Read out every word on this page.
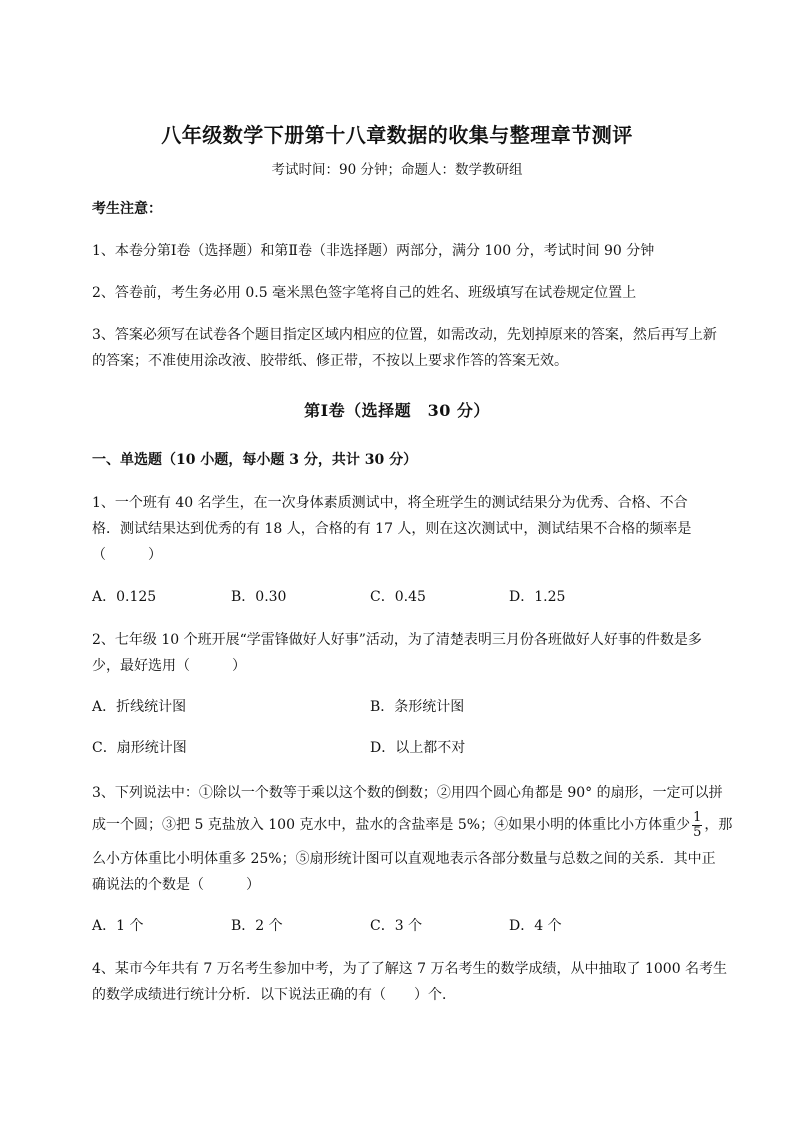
八年级数学下册第十八章数据的收集与整理章节测评
考试时间：90 分钟；命题人：数学教研组
考生注意：
1、本卷分第Ⅰ卷（选择题）和第Ⅱ卷（非选择题）两部分，满分 100 分，考试时间 90 分钟
2、答卷前，考生务必用 0.5 毫米黑色签字笔将自己的姓名、班级填写在试卷规定位置上
3、答案必须写在试卷各个题目指定区域内相应的位置，如需改动，先划掉原来的答案，然后再写上新
的答案；不准使用涂改液、胶带纸、修正带，不按以上要求作答的答案无效。
第Ⅰ卷（选择题　30 分）
一、单选题（10 小题，每小题 3 分，共计 30 分）
1、一个班有 40 名学生，在一次身体素质测试中，将全班学生的测试结果分为优秀、合格、不合
格．测试结果达到优秀的有 18 人，合格的有 17 人，则在这次测试中，测试结果不合格的频率是
（　　　）
A．0.125	B．0.30	C．0.45	D．1.25
2、七年级 10 个班开展“学雷锋做好人好事”活动，为了清楚表明三月份各班做好人好事的件数是多
少，最好选用（　　　）
A．折线统计图	B．条形统计图
C．扇形统计图	D．以上都不对
3、下列说法中：①除以一个数等于乘以这个数的倒数；②用四个圆心角都是 90° 的扇形，一定可以拼
成一个圆；③把 5 克盐放入 100 克水中，盐水的含盐率是 5%；④如果小明的体重比小方体重少 $\frac{1}{5}$ ，那
么小方体重比小明体重多 25%；⑤扇形统计图可以直观地表示各部分数量与总数之间的关系．其中正
确说法的个数是（　　　）
A．1 个	B．2 个	C．3 个	D．4 个
4、某市今年共有 7 万名考生参加中考，为了了解这 7 万名考生的数学成绩，从中抽取了 1000 名考生
的数学成绩进行统计分析．以下说法正确的有（　　）个．
